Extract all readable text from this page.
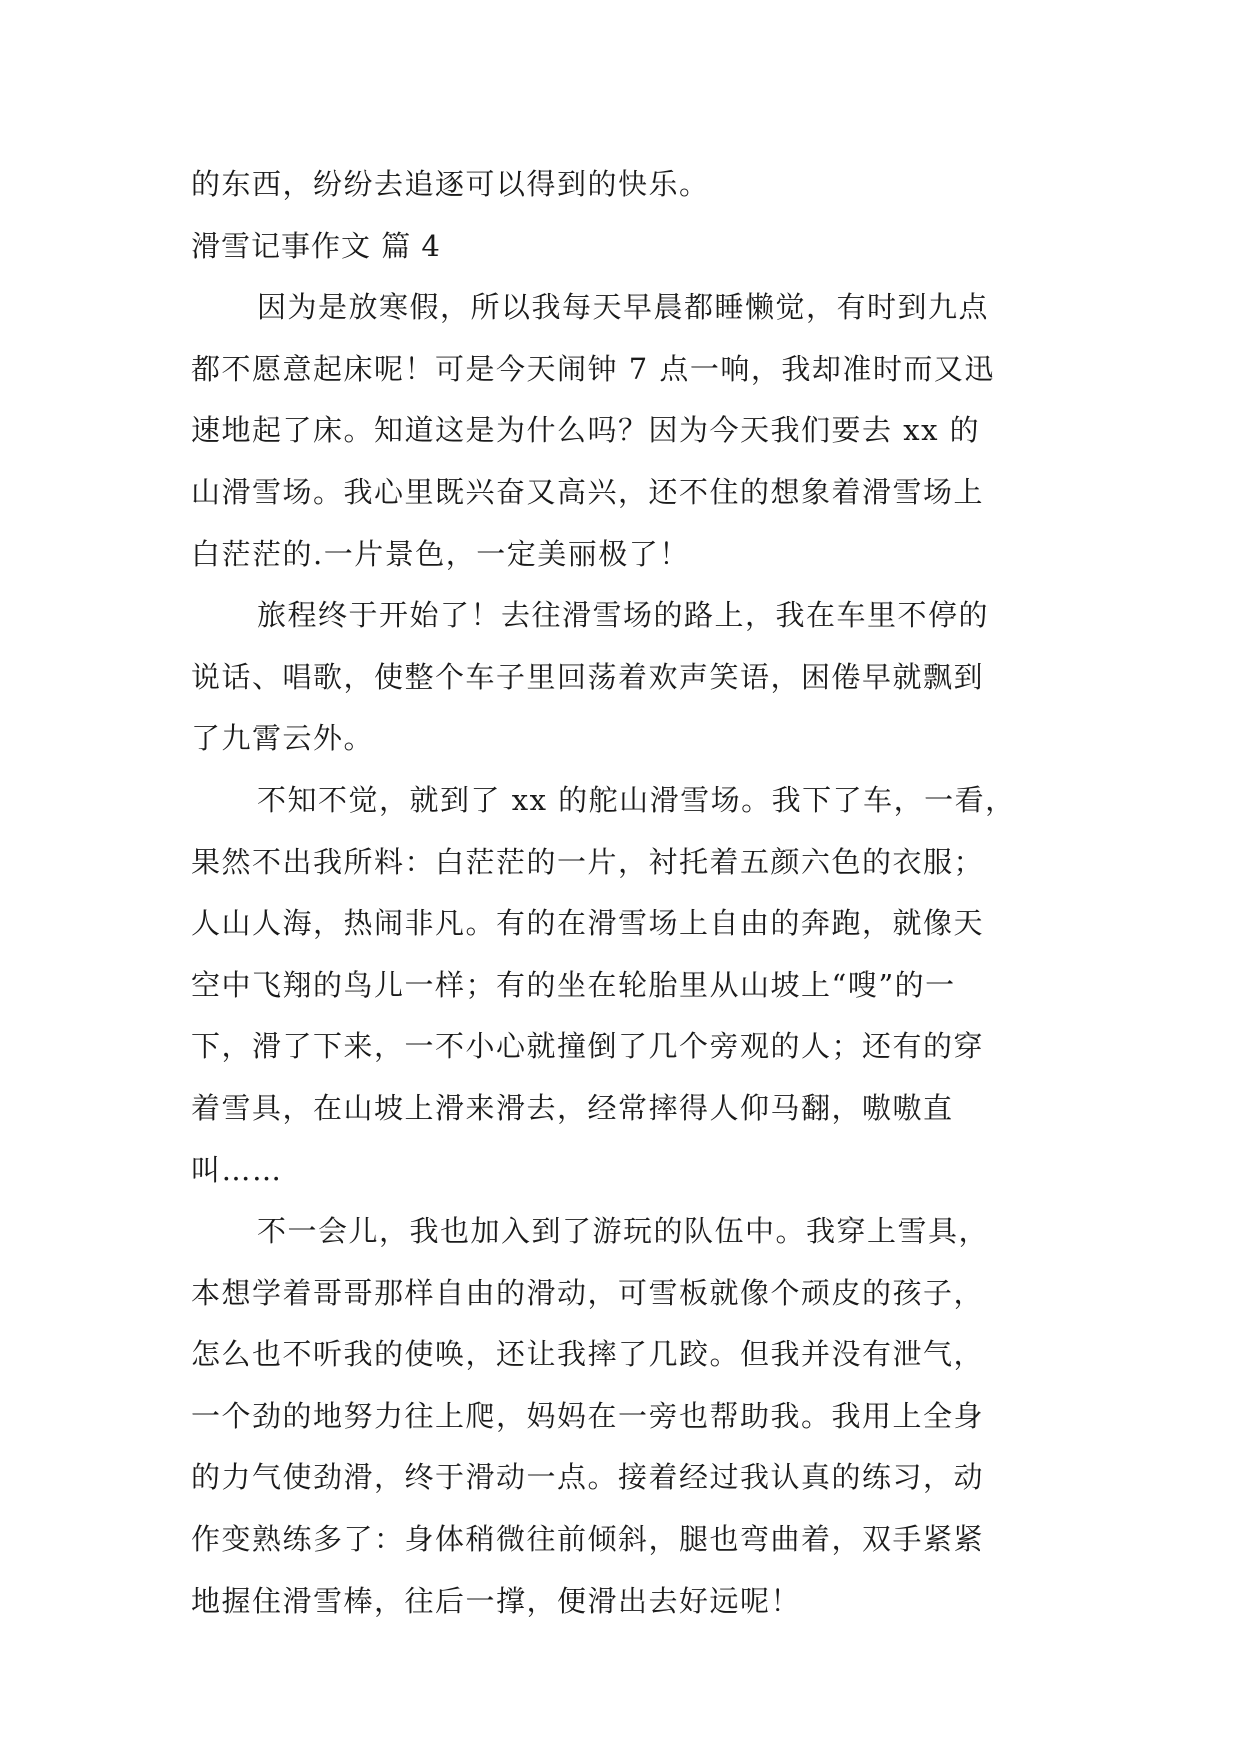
的东西，纷纷去追逐可以得到的快乐。
滑雪记事作文 篇 4
因为是放寒假，所以我每天早晨都睡懒觉，有时到九点
都不愿意起床呢！可是今天闹钟 7 点一响，我却准时而又迅
速地起了床。知道这是为什么吗？因为今天我们要去 xx 的
山滑雪场。我心里既兴奋又高兴，还不住的想象着滑雪场上
白茫茫的.一片景色，一定美丽极了！
旅程终于开始了！去往滑雪场的路上，我在车里不停的
说话、唱歌，使整个车子里回荡着欢声笑语，困倦早就飘到
了九霄云外。
不知不觉，就到了 xx 的舵山滑雪场。我下了车，一看，
果然不出我所料：白茫茫的一片，衬托着五颜六色的衣服；
人山人海，热闹非凡。有的在滑雪场上自由的奔跑，就像天
空中飞翔的鸟儿一样；有的坐在轮胎里从山坡上“嗖”的一
下，滑了下来，一不小心就撞倒了几个旁观的人；还有的穿
着雪具，在山坡上滑来滑去，经常摔得人仰马翻，嗷嗷直
叫……
不一会儿，我也加入到了游玩的队伍中。我穿上雪具，
本想学着哥哥那样自由的滑动，可雪板就像个顽皮的孩子，
怎么也不听我的使唤，还让我摔了几跤。但我并没有泄气，
一个劲的地努力往上爬，妈妈在一旁也帮助我。我用上全身
的力气使劲滑，终于滑动一点。接着经过我认真的练习，动
作变熟练多了：身体稍微往前倾斜，腿也弯曲着，双手紧紧
地握住滑雪棒，往后一撑，便滑出去好远呢！
